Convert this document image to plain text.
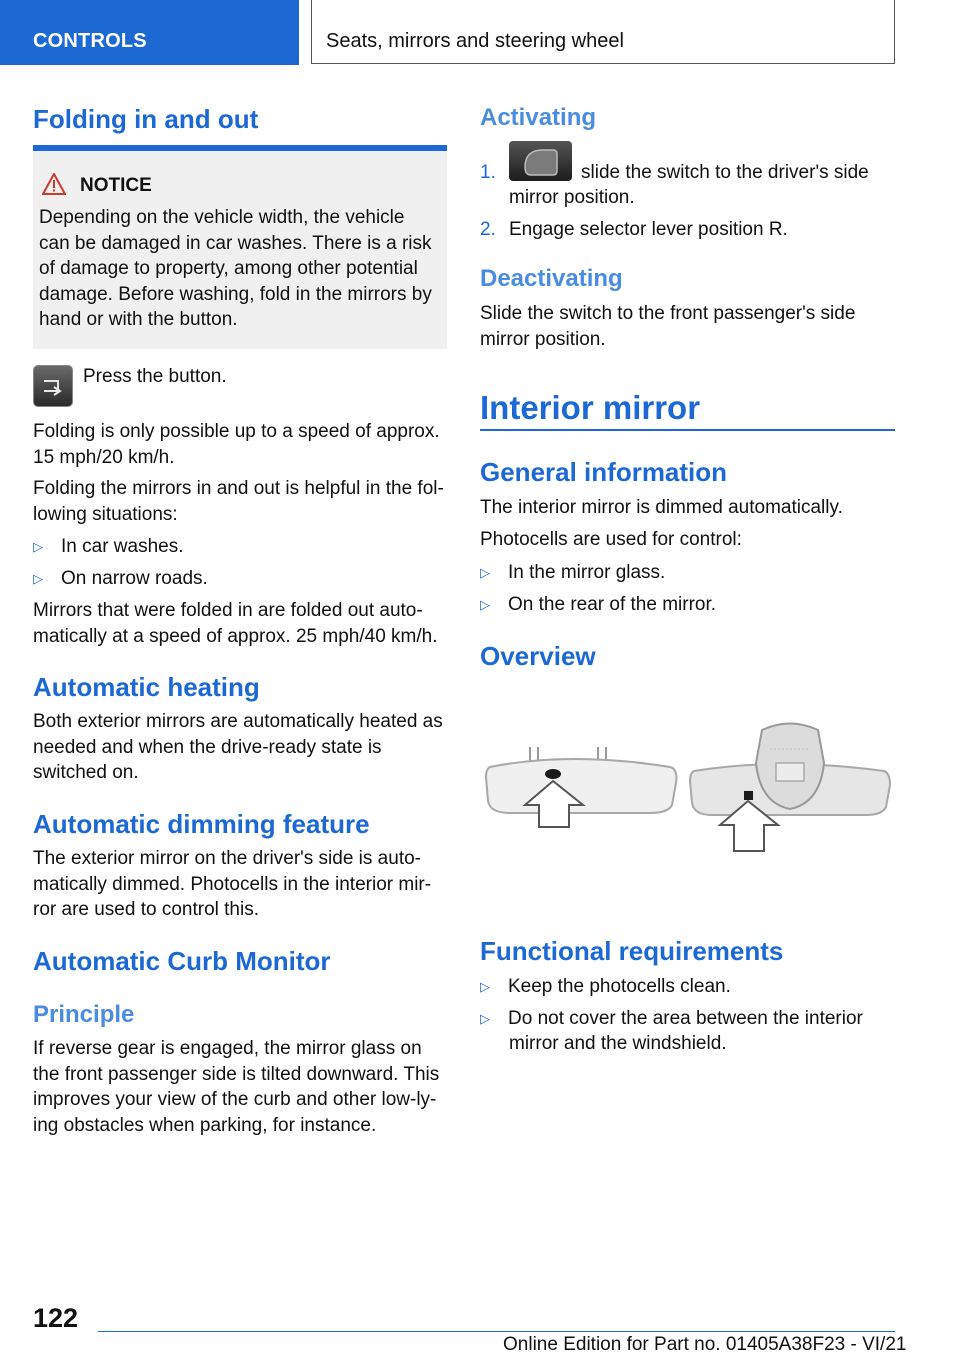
CONTROLS	Seats, mirrors and steering wheel
Folding in and out
NOTICE
Depending on the vehicle width, the vehicle
can be damaged in car washes. There is a risk
of damage to property, among other potential
damage. Before washing, fold in the mirrors by
hand or with the button.
Press the button.
Folding is only possible up to a speed of approx.
15 mph/20 km/h.
Folding the mirrors in and out is helpful in the fol-
lowing situations:
▷ In car washes.
▷ On narrow roads.
Mirrors that were folded in are folded out auto-
matically at a speed of approx. 25 mph/40 km/h.
Automatic heating
Both exterior mirrors are automatically heated as
needed and when the drive-ready state is
switched on.
Automatic dimming feature
The exterior mirror on the driver's side is auto-
matically dimmed. Photocells in the interior mir-
ror are used to control this.
Automatic Curb Monitor
Principle
If reverse gear is engaged, the mirror glass on
the front passenger side is tilted downward. This
improves your view of the curb and other low-ly-
ing obstacles when parking, for instance.
Activating
1.	slide the switch to the driver's side
mirror position.
2. Engage selector lever position R.
Deactivating
Slide the switch to the front passenger's side
mirror position.
Interior mirror
General information
The interior mirror is dimmed automatically.
Photocells are used for control:
▷ In the mirror glass.
▷ On the rear of the mirror.
Overview
Functional requirements
▷ Keep the photocells clean.
▷ Do not cover the area between the interior
mirror and the windshield.
122
Online Edition for Part no. 01405A38F23 - VI/21
